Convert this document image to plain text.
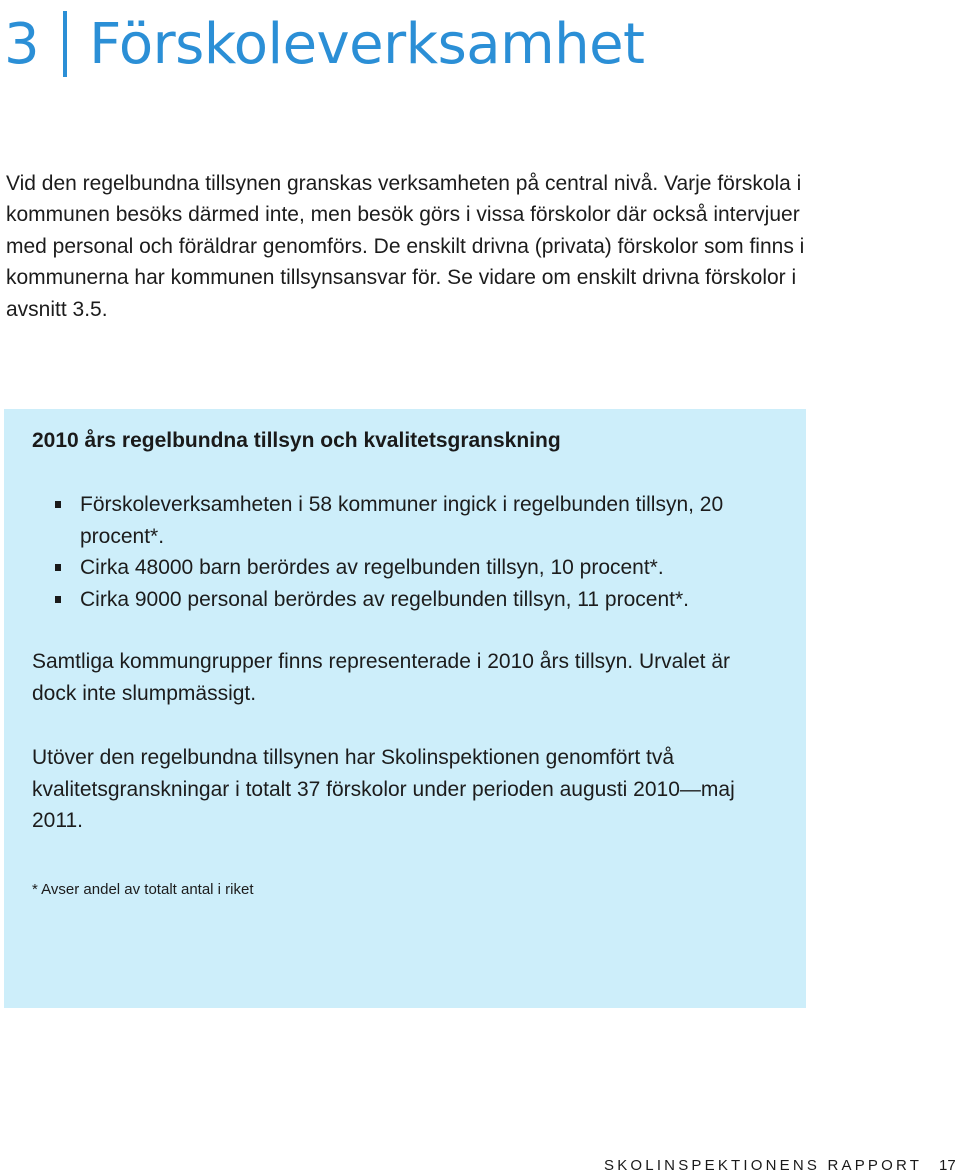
3 Förskoleverksamhet

Vid den regelbundna tillsynen granskas verksamheten på central nivå. Varje förskola i kommunen besöks därmed inte, men besök görs i vissa förskolor där också intervjuer med personal och föräldrar genomförs. De enskilt drivna (privata) förskolor som finns i kommunerna har kommunen tillsynsansvar för. Se vidare om enskilt drivna förskolor i avsnitt 3.5.

2010 års regelbundna tillsyn och kvalitetsgranskning
Förskoleverksamheten i 58 kommuner ingick i regelbunden tillsyn, 20 procent*.
Cirka 48000 barn berördes av regelbunden tillsyn, 10 procent*.
Cirka 9000 personal berördes av regelbunden tillsyn, 11 procent*.

Samtliga kommungrupper finns representerade i 2010 års tillsyn. Urvalet är dock inte slumpmässigt.

Utöver den regelbundna tillsynen har Skolinspektionen genomfört två kvalitetsgranskningar i totalt 37 förskolor under perioden augusti 2010—maj 2011.

* Avser andel av totalt antal i riket

SKOLINSPEKTIONENS RAPPORT 17
